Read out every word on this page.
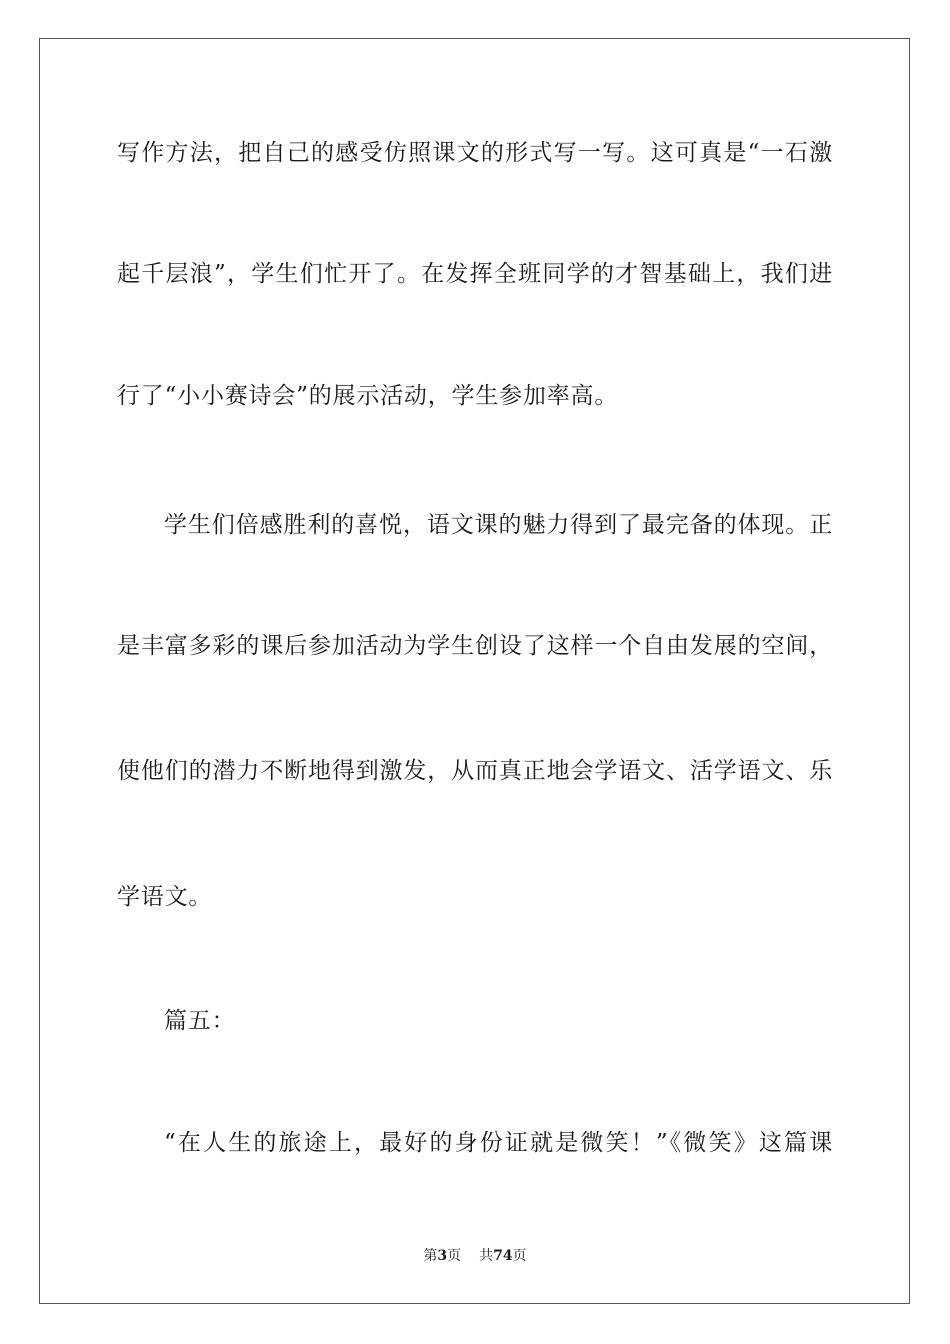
写作方法，把自己的感受仿照课文的形式写一写。这可真是“一石激
起千层浪”，学生们忙开了。在发挥全班同学的才智基础上，我们进
行了“小小赛诗会”的展示活动，学生参加率高。
学生们倍感胜利的喜悦，语文课的魅力得到了最完备的体现。正
是丰富多彩的课后参加活动为学生创设了这样一个自由发展的空间，
使他们的潜力不断地得到激发，从而真正地会学语文、活学语文、乐
学语文。
篇五：
“在人生的旅途上，最好的身份证就是微笑！”《微笑》这篇课
第3页 共74页
